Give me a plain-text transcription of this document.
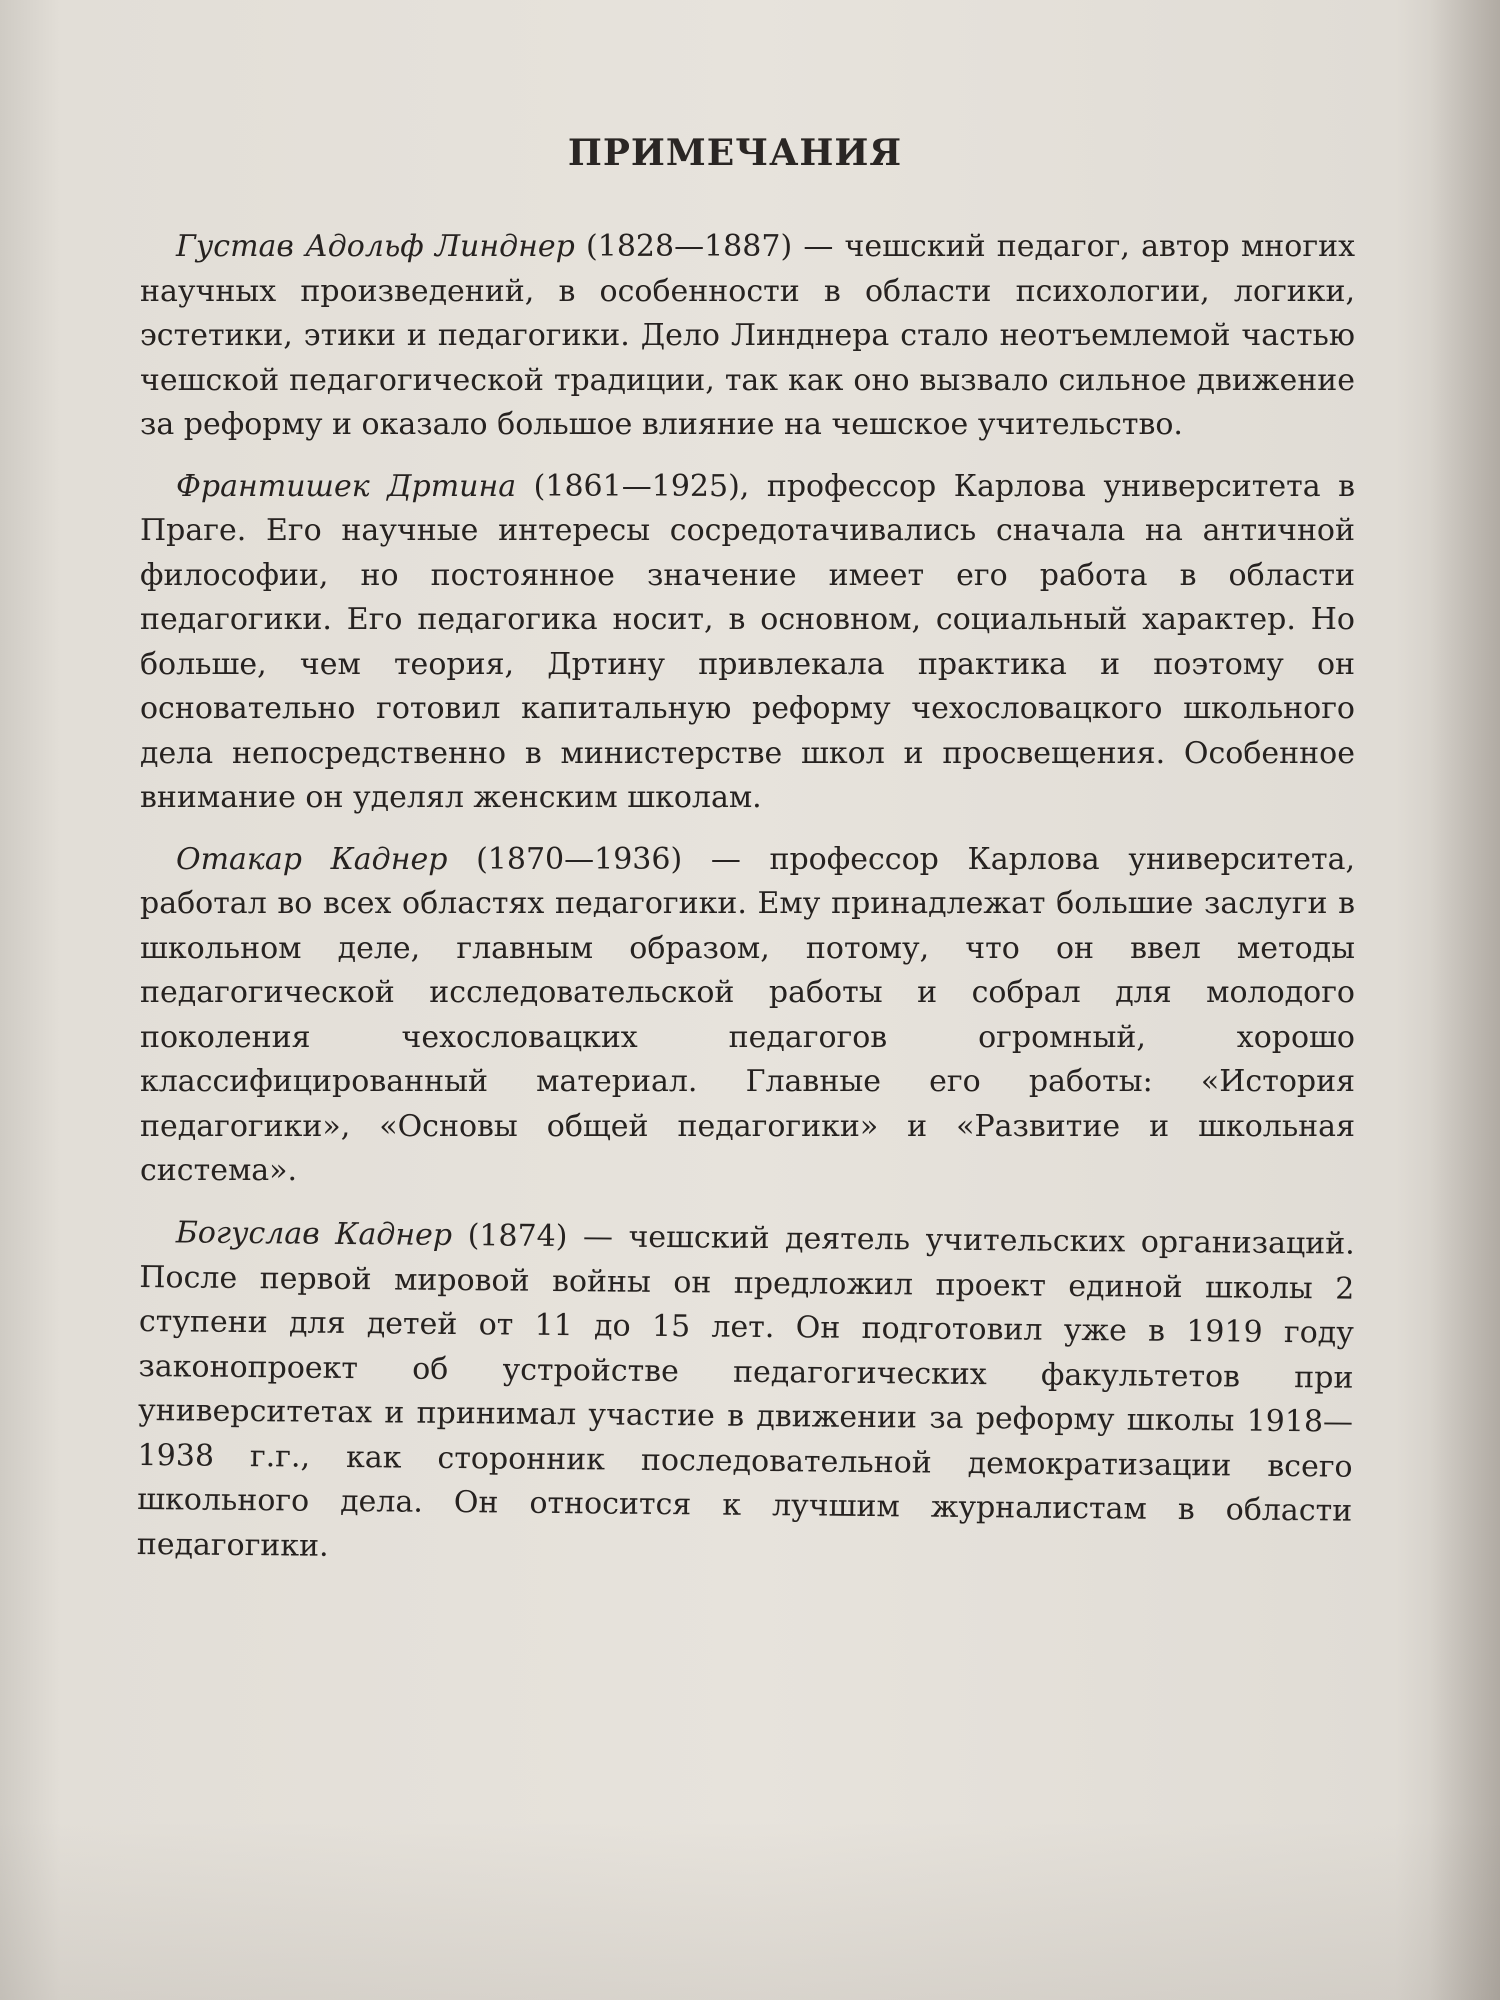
ПРИМЕЧАНИЯ

Густав Адольф Линднер (1828—1887) — чешский педагог, автор многих научных произведений, в особенности в области психологии, логики, эстетики, этики и педагогики. Дело Линднера стало неотъемлемой частью чешской педагогической традиции, так как оно вызвало сильное движение за реформу и оказало большое влияние на чешское учительство.

Франтишек Дртина (1861—1925), профессор Карлова университета в Праге. Его научные интересы сосредотачивались сначала на античной философии, но постоянное значение имеет его работа в области педагогики. Его педагогика носит, в основном, социальный характер. Но больше, чем теория, Дртину привлекала практика и поэтому он основательно готовил капитальную реформу чехословацкого школьного дела непосредственно в министерстве школ и просвещения. Особенное внимание он уделял женским школам.

Отакар Каднер (1870—1936) — профессор Карлова университета, работал во всех областях педагогики. Ему принадлежат большие заслуги в школьном деле, главным образом, потому, что он ввел методы педагогической исследовательской работы и собрал для молодого поколения чехословацких педагогов огромный, хорошо классифицированный материал. Главные его работы: «История педагогики», «Основы общей педагогики» и «Развитие и школьная система».

Богуслав Каднер (1874) — чешский деятель учительских организаций. После первой мировой войны он предложил проект единой школы 2 ступени для детей от 11 до 15 лет. Он подготовил уже в 1919 году законопроект об устройстве педагогических факультетов при университетах и принимал участие в движении за реформу школы 1918—1938 г.г., как сторонник последовательной демократизации всего школьного дела. Он относится к лучшим журналистам в области педагогики.
